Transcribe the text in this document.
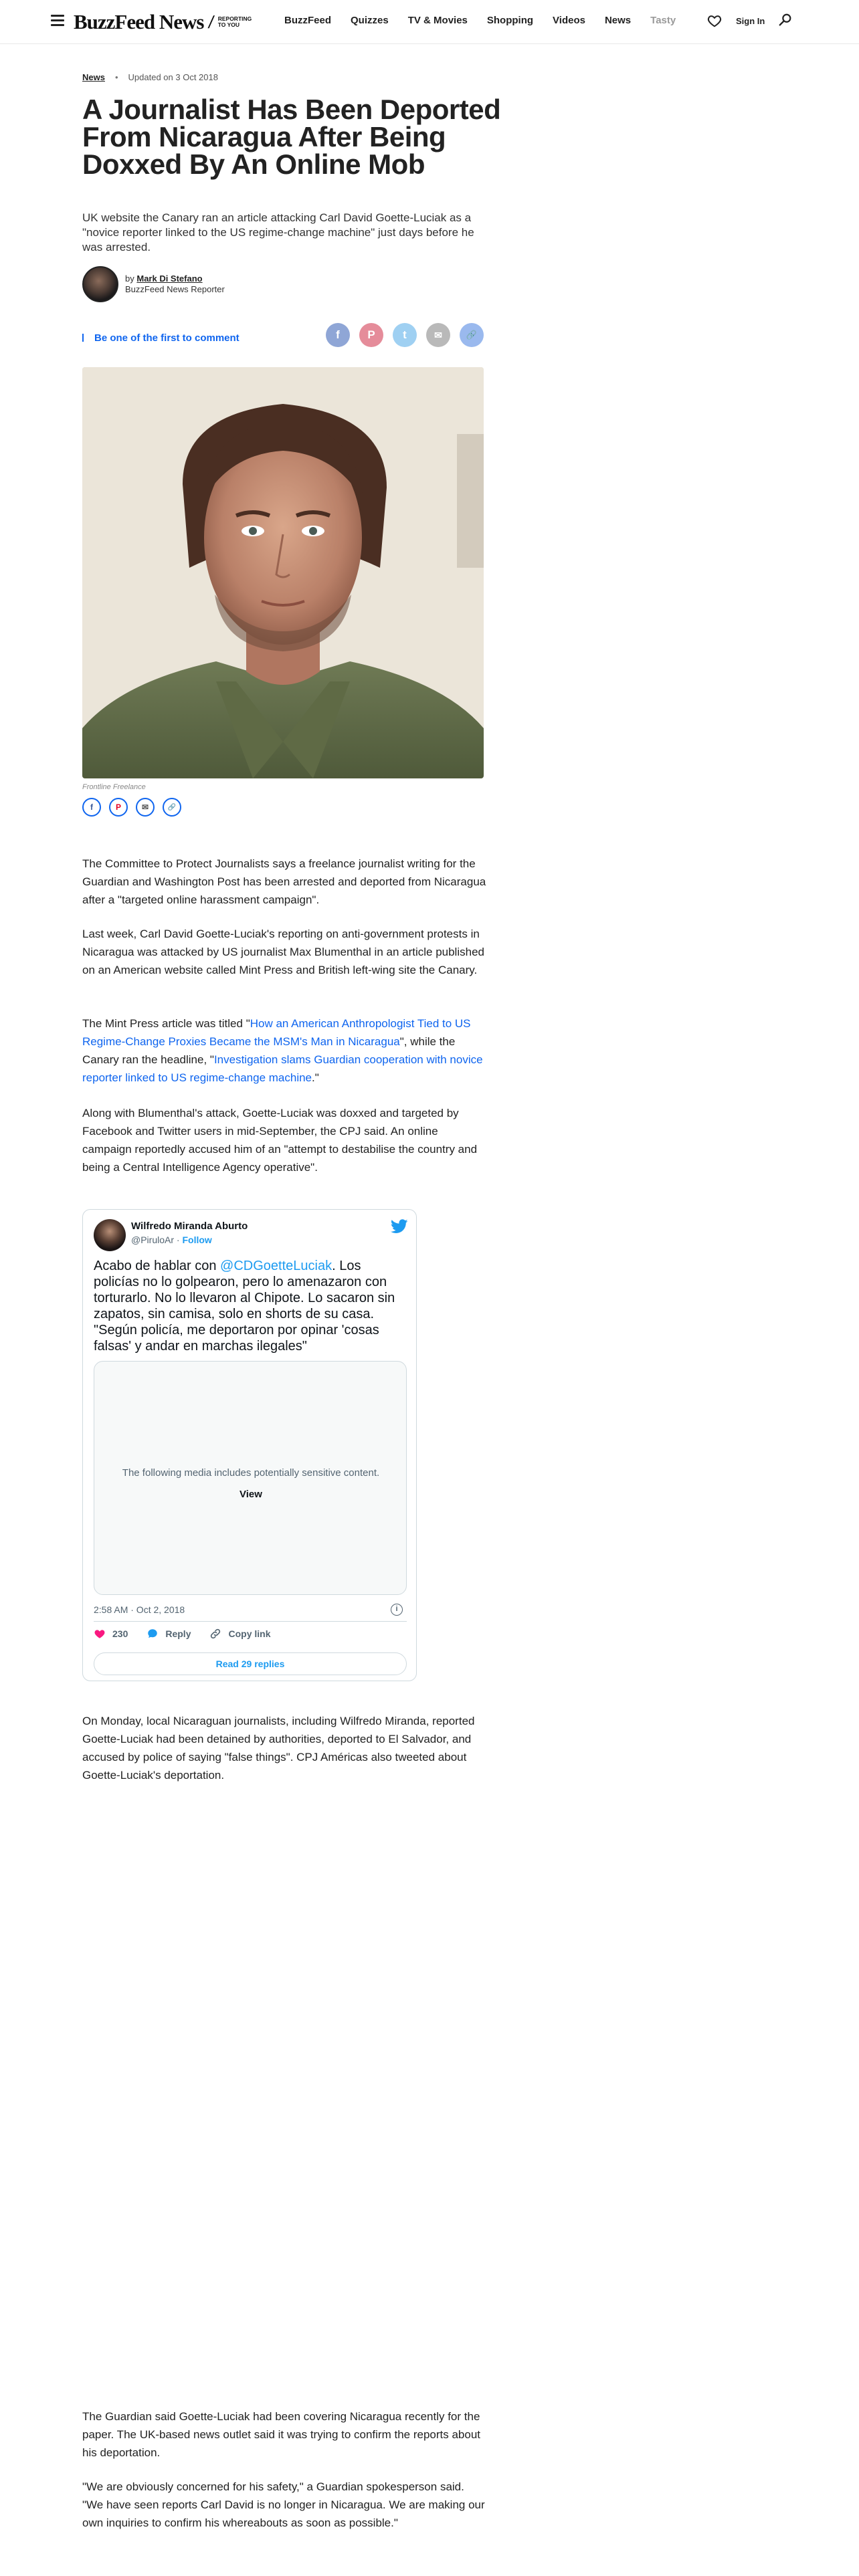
BuzzFeed News / REPORTING
TO YOU	BuzzFeed Quizzes TV & Movies Shopping Videos News Tasty	Sign In
News • Updated on 3 Oct 2018
A Journalist Has Been Deported From Nicaragua After Being Doxxed By An Online Mob

UK website the Canary ran an article attacking Carl David Goette-Luciak as a "novice reporter linked to the US regime-change machine" just days before he was arrested.

by Mark Di Stefano
BuzzFeed News Reporter
Be one of the first to comment	f P t	✉	🔗
Frontline Freelance
f	P	✉	🔗

The Committee to Protect Journalists says a freelance journalist writing for the Guardian and Washington Post has been arrested and deported from Nicaragua after a "targeted online harassment campaign".

Last week, Carl David Goette-Luciak's reporting on anti-government protests in Nicaragua was attacked by US journalist Max Blumenthal in an article published on an American website called Mint Press and British left-wing site the Canary.

The Mint Press article was titled "How an American Anthropologist Tied to US Regime-Change Proxies Became the MSM's Man in Nicaragua", while the Canary ran the headline, "Investigation slams Guardian cooperation with novice reporter linked to US regime-change machine."

Along with Blumenthal's attack, Goette-Luciak was doxxed and targeted by Facebook and Twitter users in mid-September, the CPJ said. An online campaign reportedly accused him of an "attempt to destabilise the country and being a Central Intelligence Agency operative".

Wilfredo Miranda Aburto
@PiruloAr · Follow
Acabo de hablar con @CDGoetteLuciak. Los policías no lo golpearon, pero lo amenazaron con torturarlo. No lo llevaron al Chipote. Lo sacaron sin zapatos, sin camisa, solo en shorts de su casa. "Según policía, me deportaron por opinar 'cosas falsas' y andar en marchas ilegales"
The following media includes potentially sensitive content.
View
2:58 AM · Oct 2, 2018	i
230	Reply	Copy link
Read 29 replies

On Monday, local Nicaraguan journalists, including Wilfredo Miranda, reported Goette-Luciak had been detained by authorities, deported to El Salvador, and accused by police of saying "false things". CPJ Américas also tweeted about Goette-Luciak's deportation.

The Guardian said Goette-Luciak had been covering Nicaragua recently for the paper. The UK-based news outlet said it was trying to confirm the reports about his deportation.

"We are obviously concerned for his safety," a Guardian spokesperson said. "We have seen reports Carl David is no longer in Nicaragua. We are making our own inquiries to confirm his whereabouts as soon as possible."
